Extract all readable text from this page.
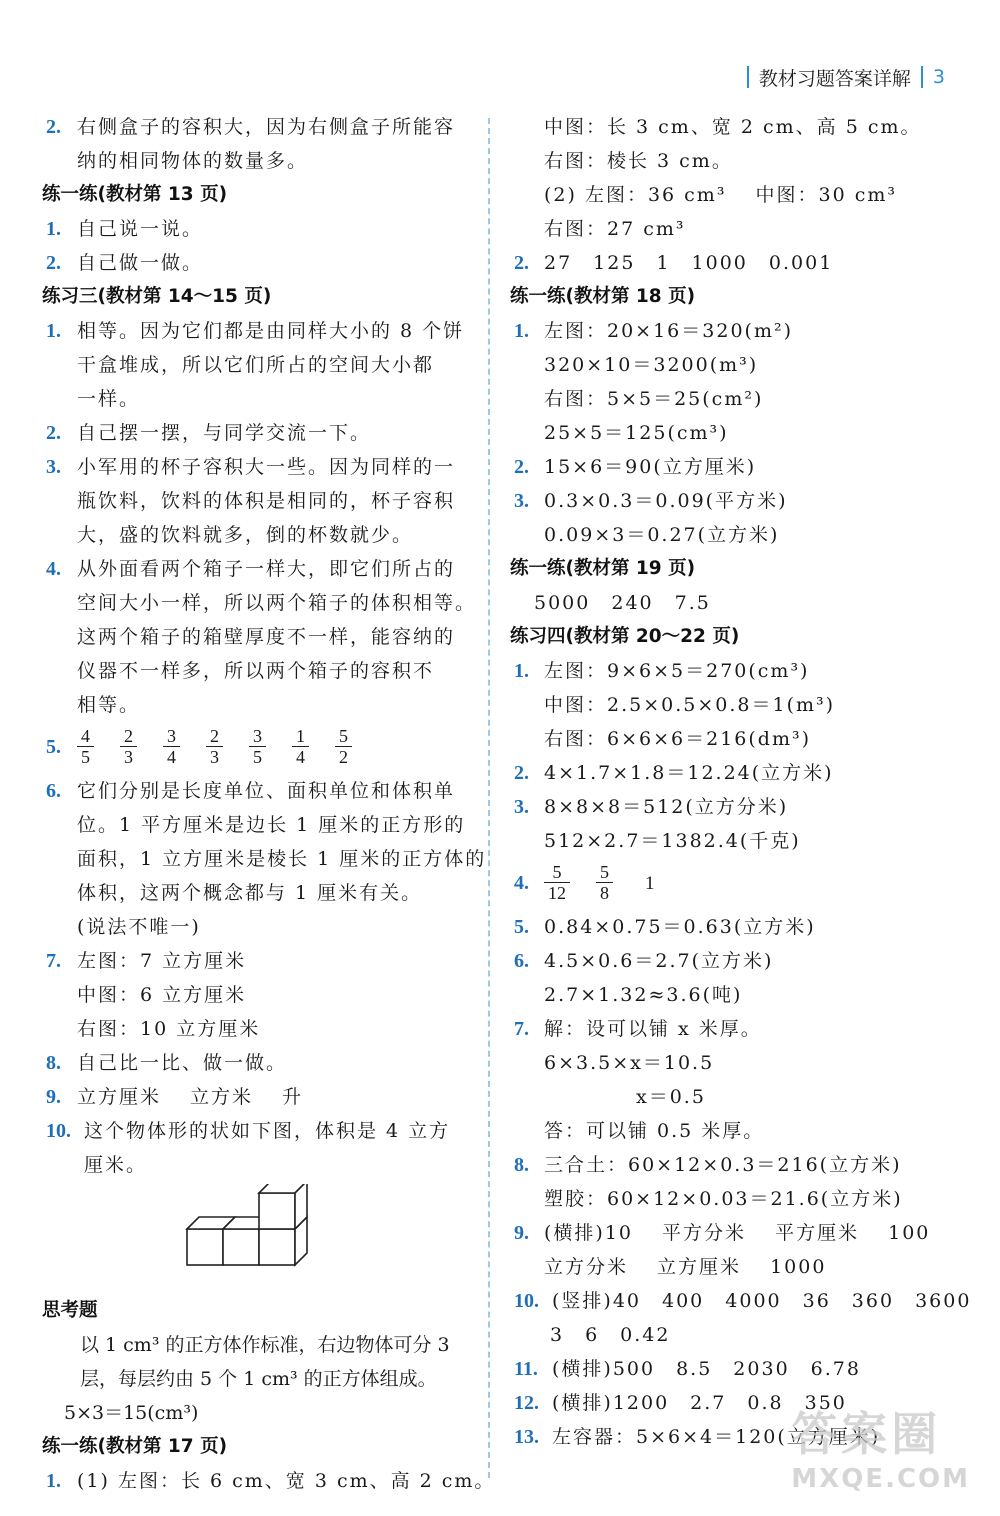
教材习题答案详解 3
2. 右侧盒子的容积大，因为右侧盒子所能容
纳的相同物体的数量多。
练一练(教材第 13 页)
1. 自己说一说。
2. 自己做一做。
练习三(教材第 14～15 页)
1. 相等。因为它们都是由同样大小的 8 个饼
干盒堆成，所以它们所占的空间大小都
一样。
2. 自己摆一摆，与同学交流一下。
3. 小军用的杯子容积大一些。因为同样的一
瓶饮料，饮料的体积是相同的，杯子容积
大，盛的饮料就多，倒的杯数就少。
4. 从外面看两个箱子一样大，即它们所占的
空间大小一样，所以两个箱子的体积相等。
这两个箱子的箱壁厚度不一样，能容纳的
仪器不一样多，所以两个箱子的容积不
相等。
5. $\frac{4}{5} \frac{2}{3} \frac{3}{4} \frac{2}{3} \frac{3}{5} \frac{1}{4} \frac{5}{2}$
6. 它们分别是长度单位、面积单位和体积单
位。1 平方厘米是边长 1 厘米的正方形的
面积，1 立方厘米是棱长 1 厘米的正方体的
体积，这两个概念都与 1 厘米有关。
(说法不唯一)
7. 左图：7 立方厘米
中图：6 立方厘米
右图：10 立方厘米
8. 自己比一比、做一做。
9. 立方厘米　 立方米　 升
10. 这个物体形的状如下图，体积是 4 立方
厘米。
思考题
以 1 cm³ 的正方体作标准，右边物体可分 3
层，每层约由 5 个 1 cm³ 的正方体组成。
5×3＝15(cm³)
练一练(教材第 17 页)
1. (1) 左图：长 6 cm、宽 3 cm、高 2 cm。
中图：长 3 cm、宽 2 cm、高 5 cm。
右图：棱长 3 cm。
(2) 左图：36 cm³　 中图：30 cm³
右图：27 cm³
2. 27　125　1　1000　0.001
练一练(教材第 18 页)
1. 左图：20×16＝320(m²)
320×10＝3200(m³)
右图：5×5＝25(cm²)
25×5＝125(cm³)
2. 15×6＝90(立方厘米)
3. 0.3×0.3＝0.09(平方米)
0.09×3＝0.27(立方米)
练一练(教材第 19 页)
5000　240　7.5
练习四(教材第 20～22 页)
1. 左图：9×6×5＝270(cm³)
中图：2.5×0.5×0.8＝1(m³)
右图：6×6×6＝216(dm³)
2. 4×1.7×1.8＝12.24(立方米)
3. 8×8×8＝512(立方分米)
512×2.7＝1382.4(千克)
4. $\frac{5}{12} \frac{5}{8} 1$
5. 0.84×0.75＝0.63(立方米)
6. 4.5×0.6＝2.7(立方米)
2.7×1.32≈3.6(吨)
7. 解：设可以铺 x 米厚。
6×3.5×x＝10.5
x＝0.5
答：可以铺 0.5 米厚。
8. 三合土：60×12×0.3＝216(立方米)
塑胶：60×12×0.03＝21.6(立方米)
9. (横排)10　 平方分米　 平方厘米　 100
立方分米　 立方厘米　 1000
10. (竖排)40　400　4000　36　360　3600
3　6　0.42
11. (横排)500　8.5　2030　6.78
12. (横排)1200　2.7　0.8　350
13. 左容器：5×6×4＝120(立方厘米)
答案圈
MXQE.COM
